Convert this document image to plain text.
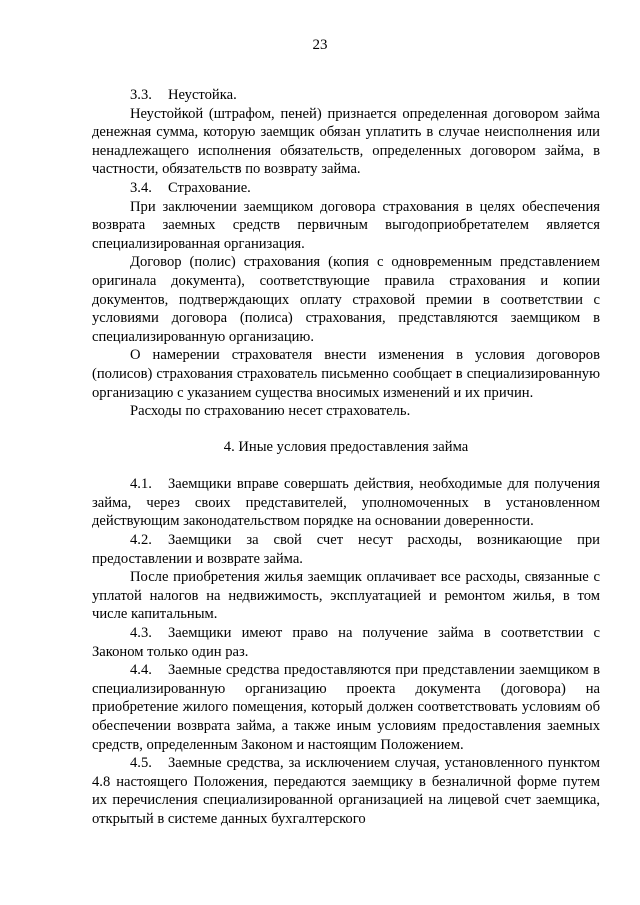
23

3.3. Неустойка.

Неустойкой (штрафом, пеней) признается определенная договором займа денежная сумма, которую заемщик обязан уплатить в случае неисполнения или ненадлежащего исполнения обязательств, определенных договором займа, в частности, обязательств по возврату займа.

3.4. Страхование.

При заключении заемщиком договора страхования в целях обеспечения возврата заемных средств первичным выгодоприобретателем является специализированная организация.

Договор (полис) страхования (копия с одновременным представлением оригинала документа), соответствующие правила страхования и копии документов, подтверждающих оплату страховой премии в соответствии с условиями договора (полиса) страхования, представляются заемщиком в специализированную организацию.

О намерении страхователя внести изменения в условия договоров (полисов) страхования страхователь письменно сообщает в специализированную организацию с указанием существа вносимых изменений и их причин.

Расходы по страхованию несет страхователь.

4. Иные условия предоставления займа

4.1. Заемщики вправе совершать действия, необходимые для получения займа, через своих представителей, уполномоченных в установленном действующим законодательством порядке на основании доверенности.

4.2. Заемщики за свой счет несут расходы, возникающие при предоставлении и возврате займа.

После приобретения жилья заемщик оплачивает все расходы, связанные с уплатой налогов на недвижимость, эксплуатацией и ремонтом жилья, в том числе капитальным.

4.3. Заемщики имеют право на получение займа в соответствии с Законом только один раз.

4.4. Заемные средства предоставляются при представлении заемщиком в специализированную организацию проекта документа (договора) на приобретение жилого помещения, который должен соответствовать условиям об обеспечении возврата займа, а также иным условиям предоставления заемных средств, определенным Законом и настоящим Положением.

4.5. Заемные средства, за исключением случая, установленного пунктом 4.8 настоящего Положения, передаются заемщику в безналичной форме путем их перечисления специализированной организацией на лицевой счет заемщика, открытый в системе данных бухгалтерского
